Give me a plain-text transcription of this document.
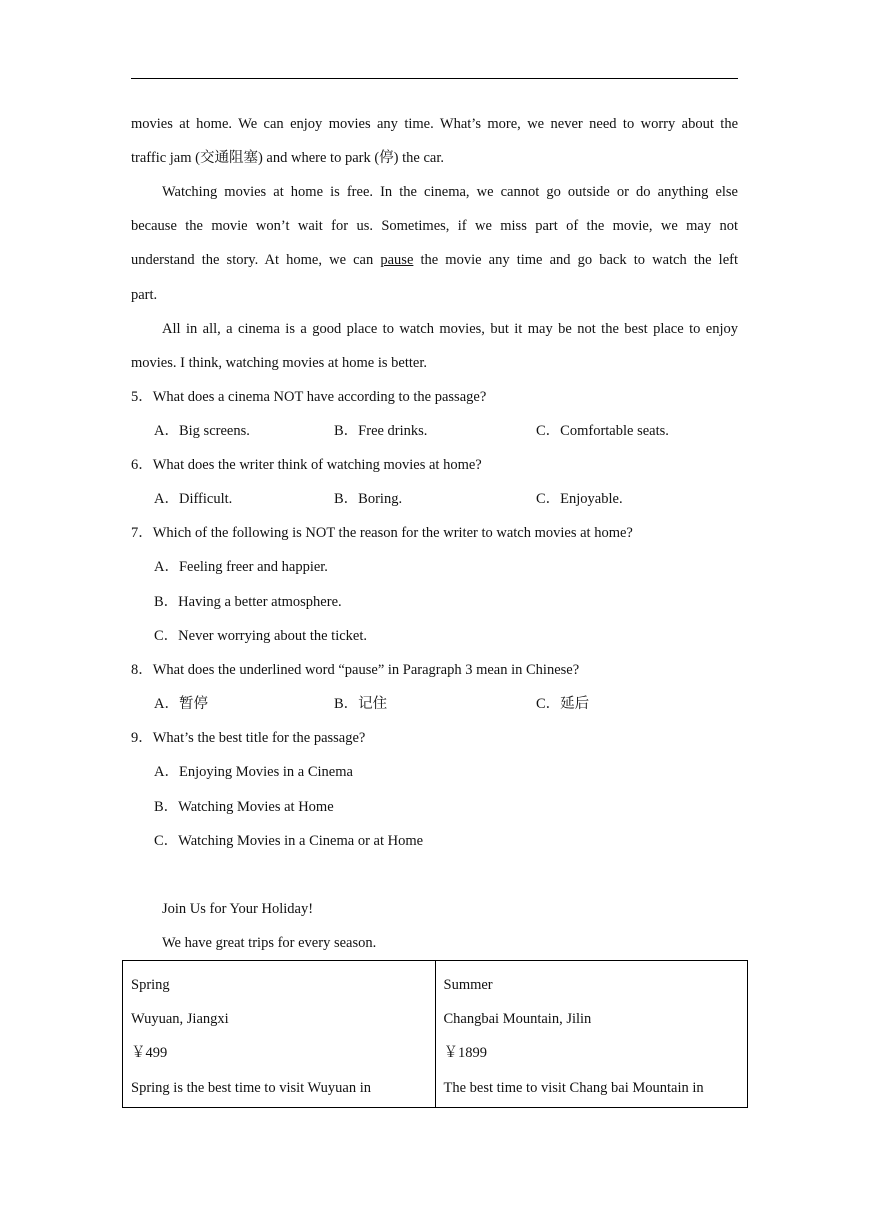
movies at home. We can enjoy movies any time. What’s more, we never need to worry about the
traffic jam (交通阻塞) and where to park (停) the car.
Watching movies at home is free. In the cinema, we cannot go outside or do anything else
because the movie won’t wait for us. Sometimes, if we miss part of the movie, we may not
understand the story. At home, we can pause the movie any time and go back to watch the left
part.
All in all, a cinema is a good place to watch movies, but it may be not the best place to enjoy
movies. I think, watching movies at home is better.
5．What does a cinema NOT have according to the passage?
A．Big screens.	B．Free drinks.	C．Comfortable seats.
6．What does the writer think of watching movies at home?
A．Difficult.	B．Boring.	C．Enjoyable.
7．Which of the following is NOT the reason for the writer to watch movies at home?
A．Feeling freer and happier.
B．Having a better atmosphere.
C．Never worrying about the ticket.
8．What does the underlined word “pause” in Paragraph 3 mean in Chinese?
A．暂停	B．记住	C．延后
9．What’s the best title for the passage?
A．Enjoying Movies in a Cinema
B．Watching Movies at Home
C．Watching Movies in a Cinema or at Home
Join Us for Your Holiday!
We have great trips for every season.
Spring
Wuyuan, Jiangxi
￥499
Spring is the best time to visit Wuyuan in

Summer
Changbai Mountain, Jilin
￥1899
The best time to visit Chang bai Mountain in
